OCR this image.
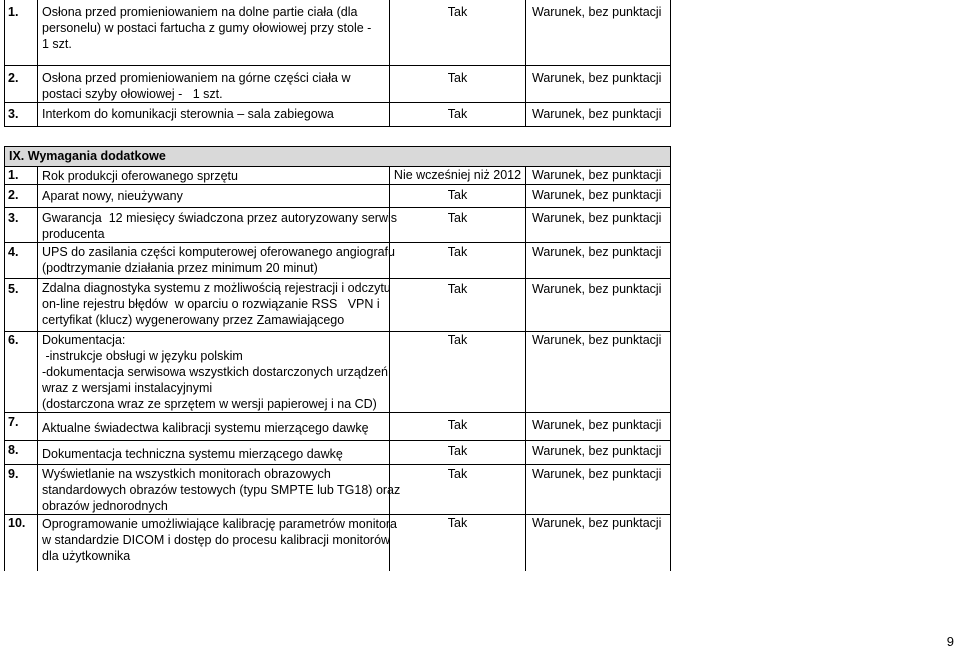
1.	Osłona przed promieniowaniem na dolne partie ciała (dla
personelu) w postaci fartucha z gumy ołowiowej przy stole -
1 szt.	Tak	Warunek, bez punktacji
2.	Osłona przed promieniowaniem na górne części ciała w
postaci szyby ołowiowej -   1 szt.	Tak	Warunek, bez punktacji
3.	Interkom do komunikacji sterownia – sala zabiegowa	Tak	Warunek, bez punktacji
IX. Wymagania dodatkowe			
1.	Rok produkcji oferowanego sprzętu	Nie wcześniej niż 2012	Warunek, bez punktacji
2.	Aparat nowy, nieużywany	Tak	Warunek, bez punktacji
3.	Gwarancja  12 miesięcy świadczona przez autoryzowany serwis
producenta	Tak	Warunek, bez punktacji
4.	UPS do zasilania części komputerowej oferowanego angiografu
(podtrzymanie działania przez minimum 20 minut)	Tak	Warunek, bez punktacji
5.	Zdalna diagnostyka systemu z możliwością rejestracji i odczytu
on-line rejestru błędów  w oparciu o rozwiązanie RSS   VPN i
certyfikat (klucz) wygenerowany przez Zamawiającego	Tak	Warunek, bez punktacji
6.	Dokumentacja:
-instrukcje obsługi w języku polskim
-dokumentacja serwisowa wszystkich dostarczonych urządzeń
wraz z wersjami instalacyjnymi
(dostarczona wraz ze sprzętem w wersji papierowej i na CD)	Tak	Warunek, bez punktacji
7.	Aktualne świadectwa kalibracji systemu mierzącego dawkę	Tak	Warunek, bez punktacji
8.	Dokumentacja techniczna systemu mierzącego dawkę	Tak	Warunek, bez punktacji
9.	Wyświetlanie na wszystkich monitorach obrazowych
standardowych obrazów testowych (typu SMPTE lub TG18) oraz
obrazów jednorodnych	Tak	Warunek, bez punktacji
10.	Oprogramowanie umożliwiające kalibrację parametrów monitora
w standardzie DICOM i dostęp do procesu kalibracji monitorów
dla użytkownika	Tak	Warunek, bez punktacji
9
